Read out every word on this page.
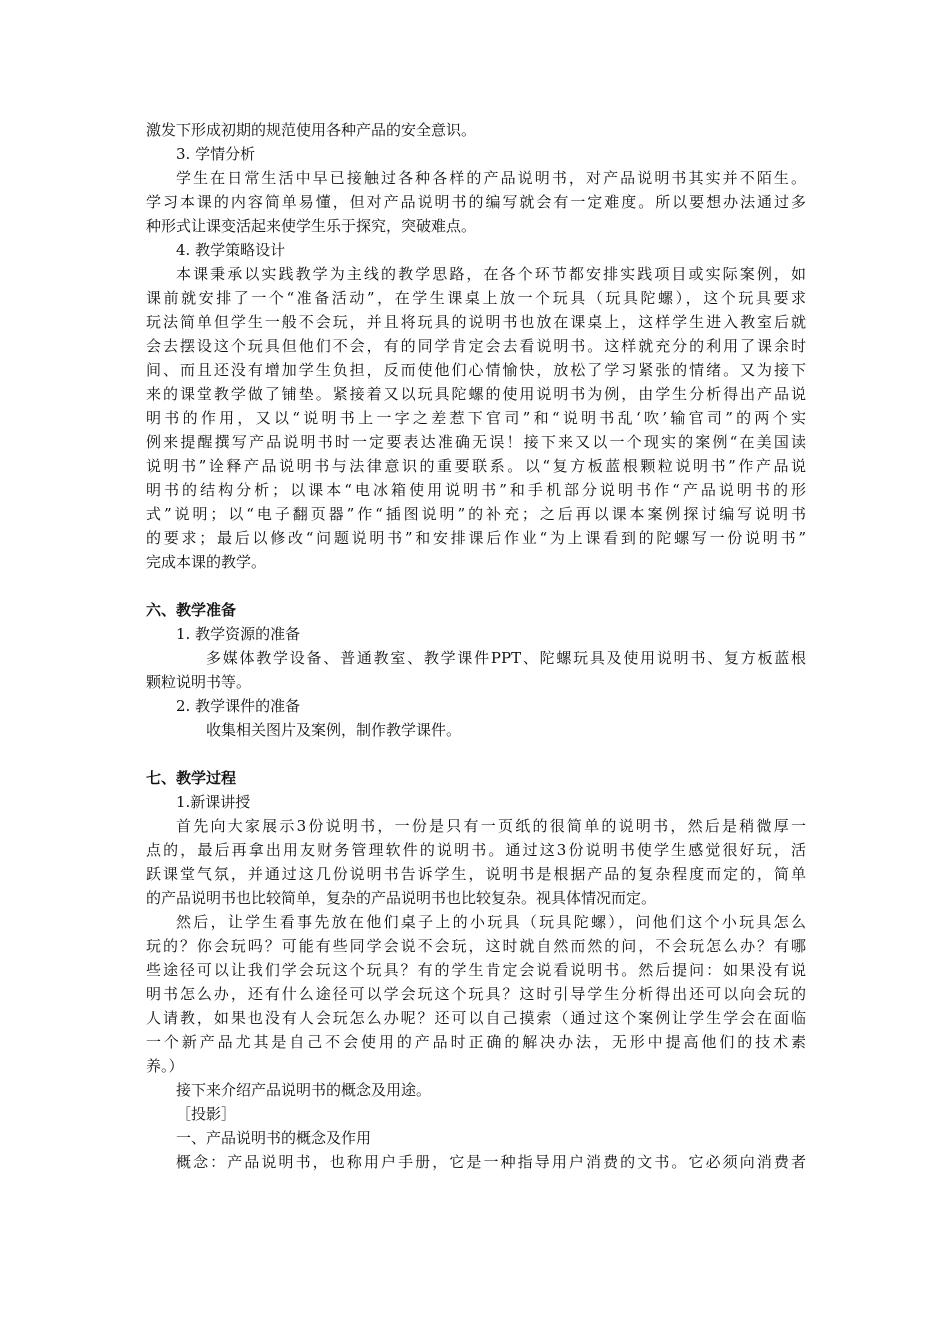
激发下形成初期的规范使用各种产品的安全意识。
3. 学情分析
学生在日常生活中早已接触过各种各样的产品说明书，对产品说明书其实并不陌生。
学习本课的内容简单易懂，但对产品说明书的编写就会有一定难度。所以要想办法通过多
种形式让课变活起来使学生乐于探究，突破难点。
4. 教学策略设计
本课秉承以实践教学为主线的教学思路，在各个环节都安排实践项目或实际案例，如
课前就安排了一个“准备活动”，在学生课桌上放一个玩具（玩具陀螺），这个玩具要求
玩法简单但学生一般不会玩，并且将玩具的说明书也放在课桌上，这样学生进入教室后就
会去摆设这个玩具但他们不会，有的同学肯定会去看说明书。这样就充分的利用了课余时
间、而且还没有增加学生负担，反而使他们心情愉快，放松了学习紧张的情绪。又为接下
来的课堂教学做了铺垫。紧接着又以玩具陀螺的使用说明书为例，由学生分析得出产品说
明书的作用，又以“说明书上一字之差惹下官司”和“说明书乱‘吹’输官司”的两个实
例来提醒撰写产品说明书时一定要表达准确无误！接下来又以一个现实的案例“在美国读
说明书”诠释产品说明书与法律意识的重要联系。以“复方板蓝根颗粒说明书”作产品说
明书的结构分析；以课本“电冰箱使用说明书”和手机部分说明书作“产品说明书的形
式”说明；以“电子翻页器”作“插图说明”的补充；之后再以课本案例探讨编写说明书
的要求；最后以修改“问题说明书”和安排课后作业“为上课看到的陀螺写一份说明书”
完成本课的教学。
六、教学准备
1. 教学资源的准备
多媒体教学设备、普通教室、教学课件PPT、陀螺玩具及使用说明书、复方板蓝根
颗粒说明书等。
2. 教学课件的准备
收集相关图片及案例，制作教学课件。
七、教学过程
1.新课讲授
首先向大家展示3份说明书，一份是只有一页纸的很简单的说明书，然后是稍微厚一
点的，最后再拿出用友财务管理软件的说明书。通过这3份说明书使学生感觉很好玩，活
跃课堂气氛，并通过这几份说明书告诉学生，说明书是根据产品的复杂程度而定的，简单
的产品说明书也比较简单，复杂的产品说明书也比较复杂。视具体情况而定。
然后，让学生看事先放在他们桌子上的小玩具（玩具陀螺），问他们这个小玩具怎么
玩的？你会玩吗？可能有些同学会说不会玩，这时就自然而然的问，不会玩怎么办？有哪
些途径可以让我们学会玩这个玩具？有的学生肯定会说看说明书。然后提问：如果没有说
明书怎么办，还有什么途径可以学会玩这个玩具？这时引导学生分析得出还可以向会玩的
人请教，如果也没有人会玩怎么办呢？还可以自己摸索（通过这个案例让学生学会在面临
一个新产品尤其是自己不会使用的产品时正确的解决办法，无形中提高他们的技术素
养。）
接下来介绍产品说明书的概念及用途。
［投影］
一、产品说明书的概念及作用
概念：产品说明书，也称用户手册，它是一种指导用户消费的文书。它必须向消费者
